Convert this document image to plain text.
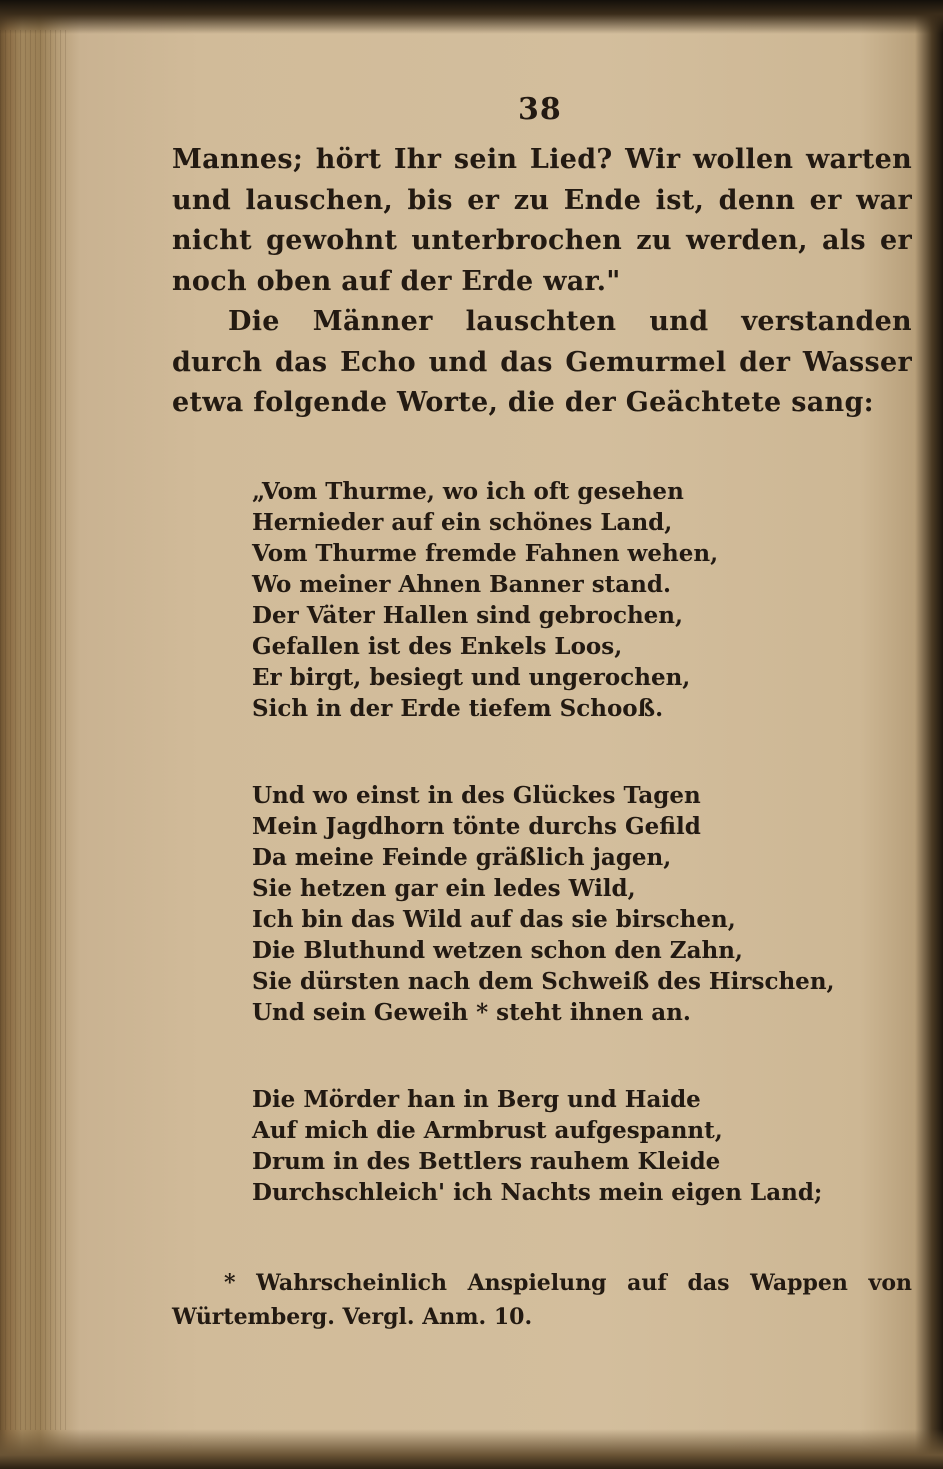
38

Mannes; hört Ihr sein Lied? Wir wollen warten und lauschen, bis er zu Ende ist, denn er war nicht gewohnt unterbrochen zu werden, als er noch oben auf der Erde war."

Die Männer lauschten und verstanden durch das Echo und das Gemurmel der Wasser etwa folgende Worte, die der Geächtete sang:

„Vom Thurme, wo ich oft gesehen
Hernieder auf ein schönes Land,
Vom Thurme fremde Fahnen wehen,
Wo meiner Ahnen Banner stand.
Der Väter Hallen sind gebrochen,
Gefallen ist des Enkels Loos,
Er birgt, besiegt und ungerochen,
Sich in der Erde tiefem Schooß.
Und wo einst in des Glückes Tagen
Mein Jagdhorn tönte durchs Gefild
Da meine Feinde gräßlich jagen,
Sie hetzen gar ein ledes Wild,
Ich bin das Wild auf das sie birschen,
Die Bluthund wetzen schon den Zahn,
Sie dürsten nach dem Schweiß des Hirschen,
Und sein Geweih * steht ihnen an.
Die Mörder han in Berg und Haide
Auf mich die Armbrust aufgespannt,
Drum in des Bettlers rauhem Kleide
Durchschleich' ich Nachts mein eigen Land;

* Wahrscheinlich Anspielung auf das Wappen von Würtemberg. Vergl. Anm. 10.
